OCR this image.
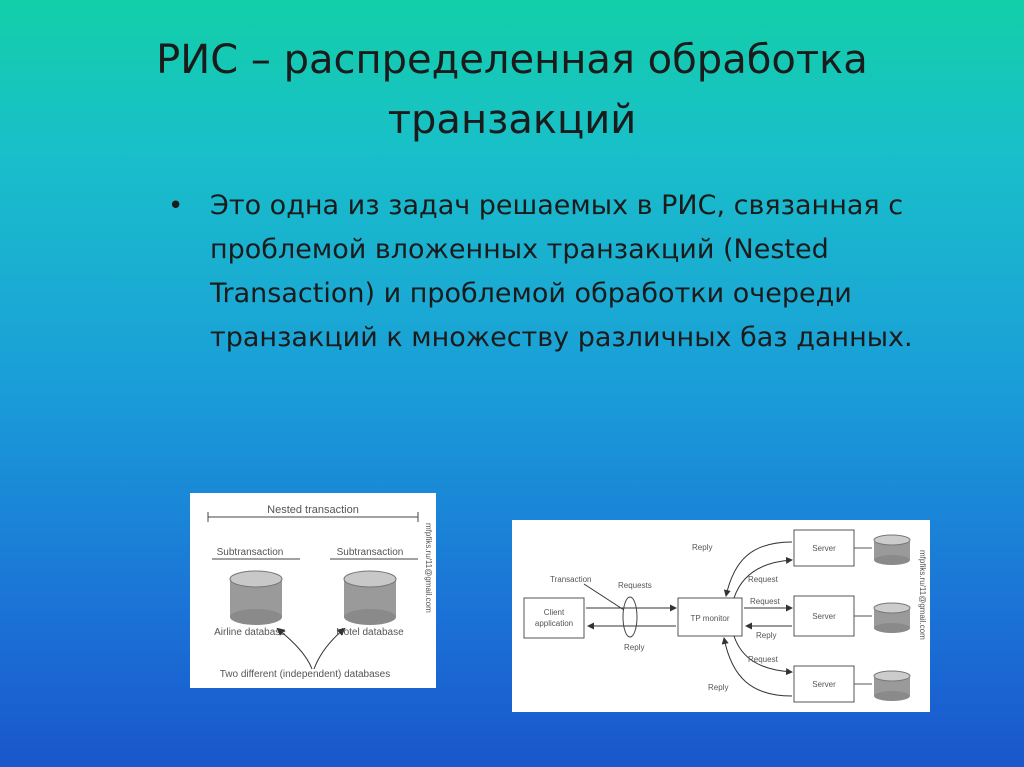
РИС – распределенная обработка
транзакций
• Это одна из задач решаемых в РИС, связанная с проблемой вложенных транзакций (Nested Transaction) и проблемой обработки очереди транзакций к множеству различных баз данных.
Nested transaction
Subtransaction	Subtransaction
Airline database	Hotel database
Two different (independent) databases
mfpfiks.ru/11@gmail.com	Client
application
Transaction
Requests
Reply
TP monitor
Server
Server
Server
Reply
Request
Request
Reply
Request
Reply
mfpfiks.ru/11@gmail.com
